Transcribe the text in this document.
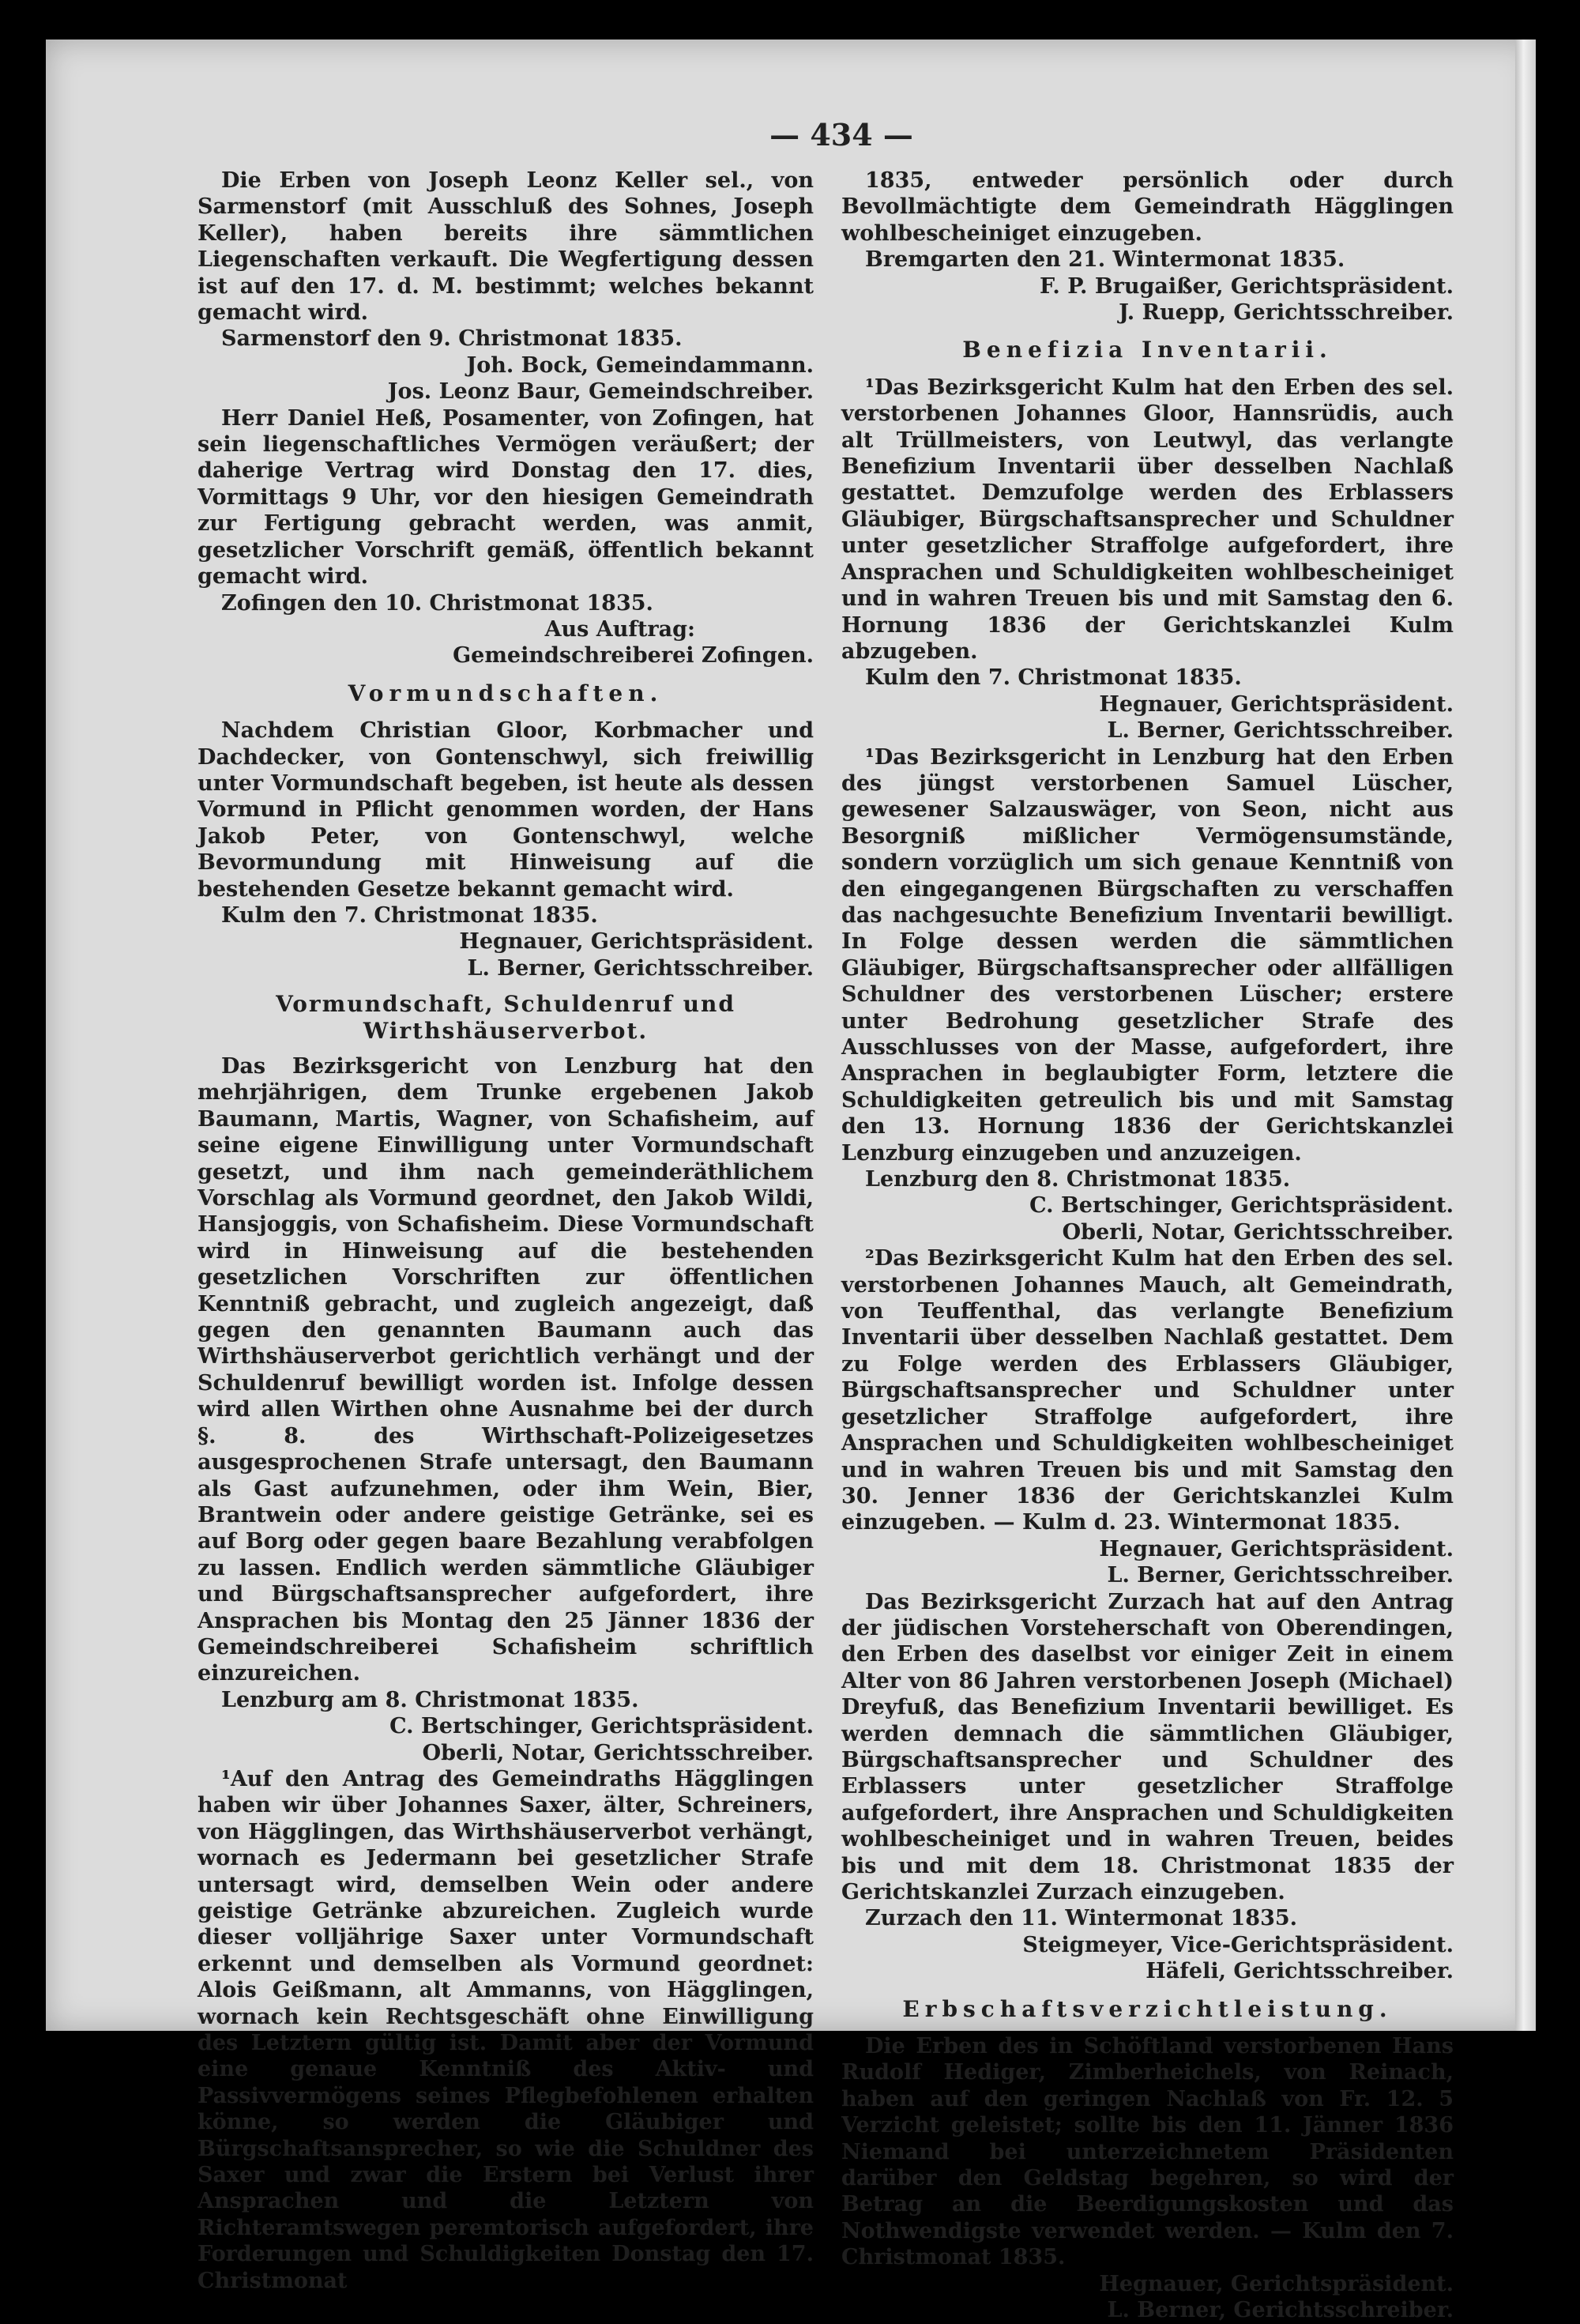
— 434 —

Die Erben von Joseph Leonz Keller sel., von Sarmenstorf (mit Ausschluß des Sohnes, Joseph Keller), haben bereits ihre sämmtlichen Liegenschaften verkauft. Die Wegfertigung dessen ist auf den 17. d. M. bestimmt; welches bekannt gemacht wird.

Sarmenstorf den 9. Christmonat 1835.

Joh. Bock, Gemeindammann.

Jos. Leonz Baur, Gemeindschreiber.

Herr Daniel Heß, Posamenter, von Zofingen, hat sein liegenschaftliches Vermögen veräußert; der daherige Vertrag wird Donstag den 17. dies, Vormittags 9 Uhr, vor den hiesigen Gemeindrath zur Fertigung gebracht werden, was anmit, gesetzlicher Vorschrift gemäß, öffentlich bekannt gemacht wird.

Zofingen den 10. Christmonat 1835.

Aus Auftrag:

Gemeindschreiberei Zofingen.

Vormundschaften.

Nachdem Christian Gloor, Korbmacher und Dachdecker, von Gontenschwyl, sich freiwillig unter Vormundschaft begeben, ist heute als dessen Vormund in Pflicht genommen worden, der Hans Jakob Peter, von Gontenschwyl, welche Bevormundung mit Hinweisung auf die bestehenden Gesetze bekannt gemacht wird.

Kulm den 7. Christmonat 1835.

Hegnauer, Gerichtspräsident.

L. Berner, Gerichtsschreiber.

Vormundschaft, Schuldenruf und Wirthshäuserverbot.

Das Bezirksgericht von Lenzburg hat den mehrjährigen, dem Trunke ergebenen Jakob Baumann, Martis, Wagner, von Schafisheim, auf seine eigene Einwilligung unter Vormundschaft gesetzt, und ihm nach gemeinderäthlichem Vorschlag als Vormund geordnet, den Jakob Wildi, Hansjoggis, von Schafisheim. Diese Vormundschaft wird in Hinweisung auf die bestehenden gesetzlichen Vorschriften zur öffentlichen Kenntniß gebracht, und zugleich angezeigt, daß gegen den genannten Baumann auch das Wirthshäuserverbot gerichtlich verhängt und der Schuldenruf bewilligt worden ist. Infolge dessen wird allen Wirthen ohne Ausnahme bei der durch §. 8. des Wirthschaft-Polizeigesetzes ausgesprochenen Strafe untersagt, den Baumann als Gast aufzunehmen, oder ihm Wein, Bier, Brantwein oder andere geistige Getränke, sei es auf Borg oder gegen baare Bezahlung verabfolgen zu lassen. Endlich werden sämmtliche Gläubiger und Bürgschaftsansprecher aufgefordert, ihre Ansprachen bis Montag den 25 Jänner 1836 der Gemeindschreiberei Schafisheim schriftlich einzureichen.

Lenzburg am 8. Christmonat 1835.

C. Bertschinger, Gerichtspräsident.

Oberli, Notar, Gerichtsschreiber.

¹Auf den Antrag des Gemeindraths Hägglingen haben wir über Johannes Saxer, älter, Schreiners, von Hägglingen, das Wirthshäuserverbot verhängt, wornach es Jedermann bei gesetzlicher Strafe untersagt wird, demselben Wein oder andere geistige Getränke abzureichen. Zugleich wurde dieser volljährige Saxer unter Vormundschaft erkennt und demselben als Vormund geordnet: Alois Geißmann, alt Ammanns, von Hägglingen, wornach kein Rechtsgeschäft ohne Einwilligung des Letztern gültig ist. Damit aber der Vormund eine genaue Kenntniß des Aktiv- und Passivvermögens seines Pflegbefohlenen erhalten könne, so werden die Gläubiger und Bürgschaftsansprecher, so wie die Schuldner des Saxer und zwar die Erstern bei Verlust ihrer Ansprachen und die Letztern von Richteramtswegen peremtorisch aufgefordert, ihre Forderungen und Schuldigkeiten Donstag den 17. Christmonat

1835, entweder persönlich oder durch Bevollmächtigte dem Gemeindrath Hägglingen wohlbescheiniget einzugeben.

Bremgarten den 21. Wintermonat 1835.

F. P. Brugaißer, Gerichtspräsident.

J. Ruepp, Gerichtsschreiber.

Benefizia Inventarii.

¹Das Bezirksgericht Kulm hat den Erben des sel. verstorbenen Johannes Gloor, Hannsrüdis, auch alt Trüllmeisters, von Leutwyl, das verlangte Benefizium Inventarii über desselben Nachlaß gestattet. Demzufolge werden des Erblassers Gläubiger, Bürgschaftsansprecher und Schuldner unter gesetzlicher Straffolge aufgefordert, ihre Ansprachen und Schuldigkeiten wohlbescheiniget und in wahren Treuen bis und mit Samstag den 6. Hornung 1836 der Gerichtskanzlei Kulm abzugeben.

Kulm den 7. Christmonat 1835.

Hegnauer, Gerichtspräsident.

L. Berner, Gerichtsschreiber.

¹Das Bezirksgericht in Lenzburg hat den Erben des jüngst verstorbenen Samuel Lüscher, gewesener Salzauswäger, von Seon, nicht aus Besorgniß mißlicher Vermögensumstände, sondern vorzüglich um sich genaue Kenntniß von den eingegangenen Bürgschaften zu verschaffen das nachgesuchte Benefizium Inventarii bewilligt. In Folge dessen werden die sämmtlichen Gläubiger, Bürgschaftsansprecher oder allfälligen Schuldner des verstorbenen Lüscher; erstere unter Bedrohung gesetzlicher Strafe des Ausschlusses von der Masse, aufgefordert, ihre Ansprachen in beglaubigter Form, letztere die Schuldigkeiten getreulich bis und mit Samstag den 13. Hornung 1836 der Gerichtskanzlei Lenzburg einzugeben und anzuzeigen.

Lenzburg den 8. Christmonat 1835.

C. Bertschinger, Gerichtspräsident.

Oberli, Notar, Gerichtsschreiber.

²Das Bezirksgericht Kulm hat den Erben des sel. verstorbenen Johannes Mauch, alt Gemeindrath, von Teuffenthal, das verlangte Benefizium Inventarii über desselben Nachlaß gestattet. Dem zu Folge werden des Erblassers Gläubiger, Bürgschaftsansprecher und Schuldner unter gesetzlicher Straffolge aufgefordert, ihre Ansprachen und Schuldigkeiten wohlbescheiniget und in wahren Treuen bis und mit Samstag den 30. Jenner 1836 der Gerichtskanzlei Kulm einzugeben. — Kulm d. 23. Wintermonat 1835.

Hegnauer, Gerichtspräsident.

L. Berner, Gerichtsschreiber.

Das Bezirksgericht Zurzach hat auf den Antrag der jüdischen Vorsteherschaft von Oberendingen, den Erben des daselbst vor einiger Zeit in einem Alter von 86 Jahren verstorbenen Joseph (Michael) Dreyfuß, das Benefizium Inventarii bewilliget. Es werden demnach die sämmtlichen Gläubiger, Bürgschaftsansprecher und Schuldner des Erblassers unter gesetzlicher Straffolge aufgefordert, ihre Ansprachen und Schuldigkeiten wohlbescheiniget und in wahren Treuen, beides bis und mit dem 18. Christmonat 1835 der Gerichtskanzlei Zurzach einzugeben.

Zurzach den 11. Wintermonat 1835.

Steigmeyer, Vice-Gerichtspräsident.

Häfeli, Gerichtsschreiber.

Erbschaftsverzichtleistung.

Die Erben des in Schöftland verstorbenen Hans Rudolf Hediger, Zimberheichels, von Reinach, haben auf den geringen Nachlaß von Fr. 12. 5 Verzicht geleistet; sollte bis den 11. Jänner 1836 Niemand bei unterzeichnetem Präsidenten darüber den Geldstag begehren, so wird der Betrag an die Beerdigungskosten und das Nothwendigste verwendet werden. — Kulm den 7. Christmonat 1835.

Hegnauer, Gerichtspräsident.

L. Berner, Gerichtsschreiber.
